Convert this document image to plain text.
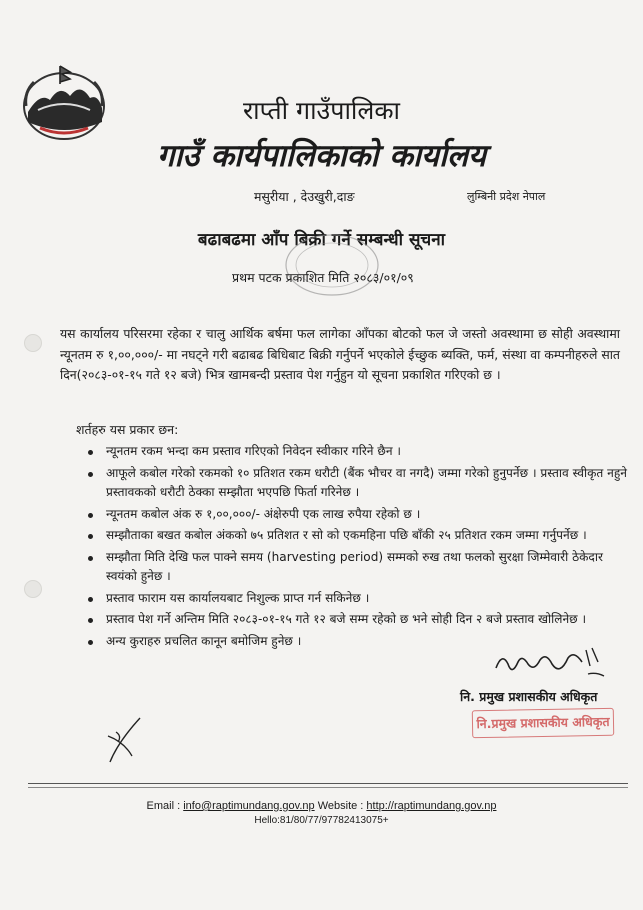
राप्ती गाउँपालिका
गाउँ कार्यपालिकाको कार्यालय
मसुरीया , देउखुरी,दाङ	लुम्बिनी प्रदेश नेपाल
बढाबढमा आँप बिक्री गर्ने सम्बन्धी सूचना
प्रथम पटक प्रकाशित मिति २०८३/०१/०९

यस कार्यालय परिसरमा रहेका र चालु आर्थिक बर्षमा फल लागेका आँपका बोटको फल जे जस्तो अवस्थामा छ सोही अवस्थामा न्यूनतम रु १,००,०००/- मा नघट्ने गरी बढाबढ बिधिबाट बिक्री गर्नुपर्ने भएकोले ईच्छुक ब्यक्ति, फर्म, संस्था वा कम्पनीहरुले सात दिन(२०८३-०१-१५ गते १२ बजे) भित्र खामबन्दी प्रस्ताव पेश गर्नुहुन यो सूचना प्रकाशित गरिएको छ ।

शर्तहरु यस प्रकार छन:
न्यूनतम रकम भन्दा कम प्रस्ताव गरिएको निवेदन स्वीकार गरिने छैन ।
आफूले कबोल गरेको रकमको १० प्रतिशत रकम धरौटी (बैंक भौचर वा नगदै) जम्मा गरेको हुनुपर्नेछ । प्रस्ताव स्वीकृत नहुने प्रस्तावकको धरौटी ठेक्का सम्झौता भएपछि फिर्ता गरिनेछ ।
न्यूनतम कबोल अंक रु १,००,०००/- अंक्षेरुपी एक लाख रुपैया रहेको छ ।
सम्झौताका बखत कबोल अंकको ७५ प्रतिशत र सो को एकमहिना पछि बाँकी २५ प्रतिशत रकम जम्मा गर्नुपर्नेछ ।
सम्झौता मिति देखि फल पाक्ने समय (harvesting period) सम्मको रुख तथा फलको सुरक्षा जिम्मेवारी ठेकेदार स्वयंको हुनेछ ।
प्रस्ताव फाराम यस कार्यालयबाट निशुल्क प्राप्त गर्न सकिनेछ ।
प्रस्ताव पेश गर्ने अन्तिम मिति २०८३-०१-१५ गते १२ बजे सम्म रहेको छ भने सोही दिन २ बजे प्रस्ताव खोलिनेछ ।
अन्य कुराहरु प्रचलित कानून बमोजिम हुनेछ ।
नि. प्रमुख प्रशासकीय अधिकृत
नि.प्रमुख प्रशासकीय अधिकृत
Email : info@raptimundang.gov.np Website : http://raptimundang.gov.np
Hello:81/80/77/97782413075+
